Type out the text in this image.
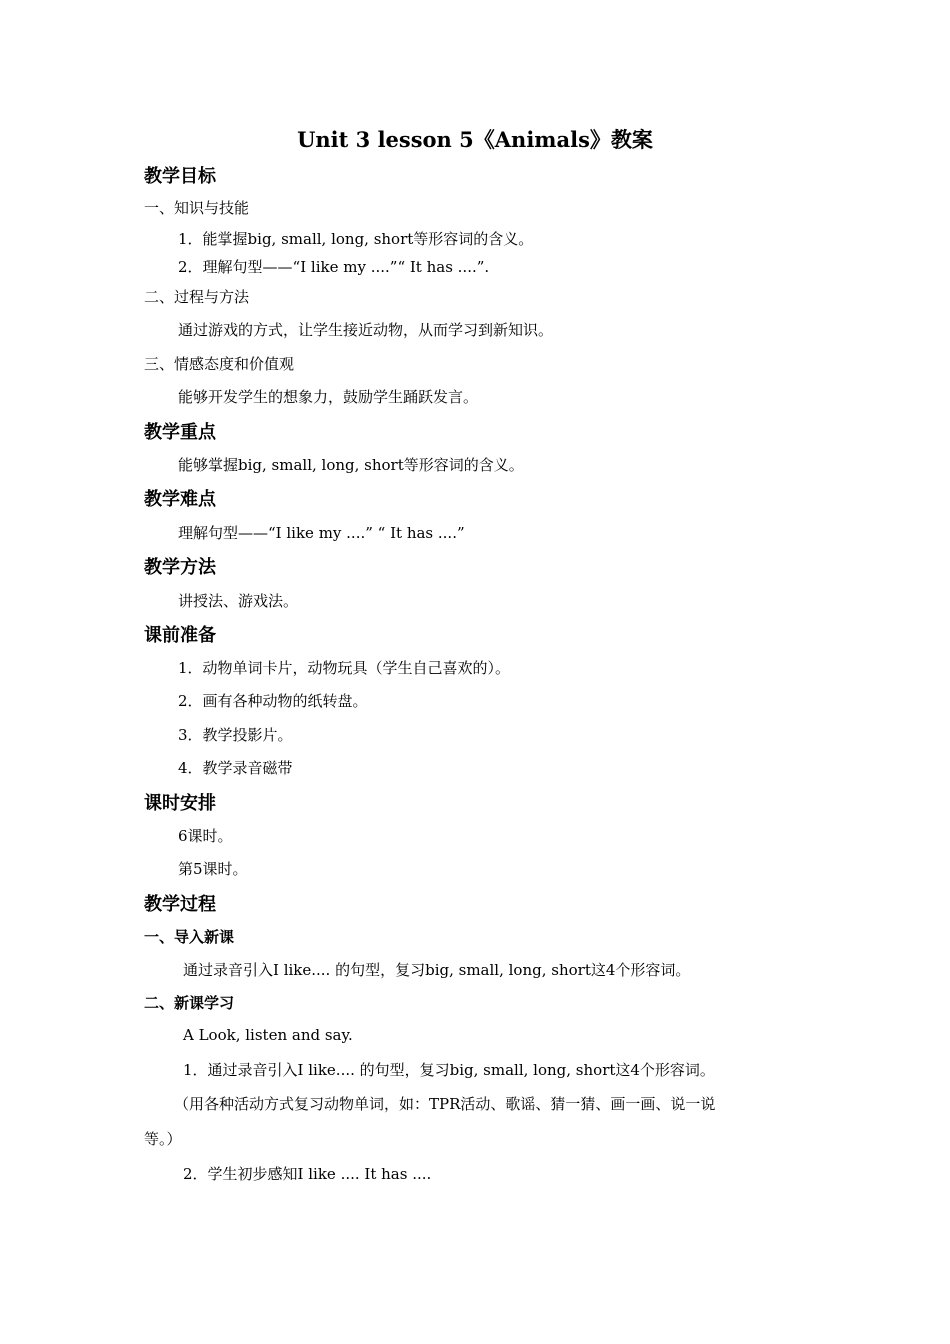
Unit 3 lesson 5《Animals》教案
教学目标
一、知识与技能
1．能掌握big, small, long, short等形容词的含义。
2．理解句型——“I like my ....”“ It has ....”.
二、过程与方法
通过游戏的方式，让学生接近动物，从而学习到新知识。
三、情感态度和价值观
能够开发学生的想象力，鼓励学生踊跃发言。
教学重点
能够掌握big, small, long, short等形容词的含义。
教学难点
理解句型——“I like my ....” “ It has ....”
教学方法
讲授法、游戏法。
课前准备
1．动物单词卡片，动物玩具（学生自己喜欢的）。
2．画有各种动物的纸转盘。
3．教学投影片。
4．教学录音磁带
课时安排
6课时。
第5课时。
教学过程
一、导入新课
通过录音引入I like.... 的句型，复习big, small, long, short这4个形容词。
二、新课学习
A Look, listen and say.
1．通过录音引入I like.... 的句型，复习big, small, long, short这4个形容词。
（用各种活动方式复习动物单词，如：TPR活动、歌谣、猜一猜、画一画、说一说
等。）
2．学生初步感知I like .... It has ....
